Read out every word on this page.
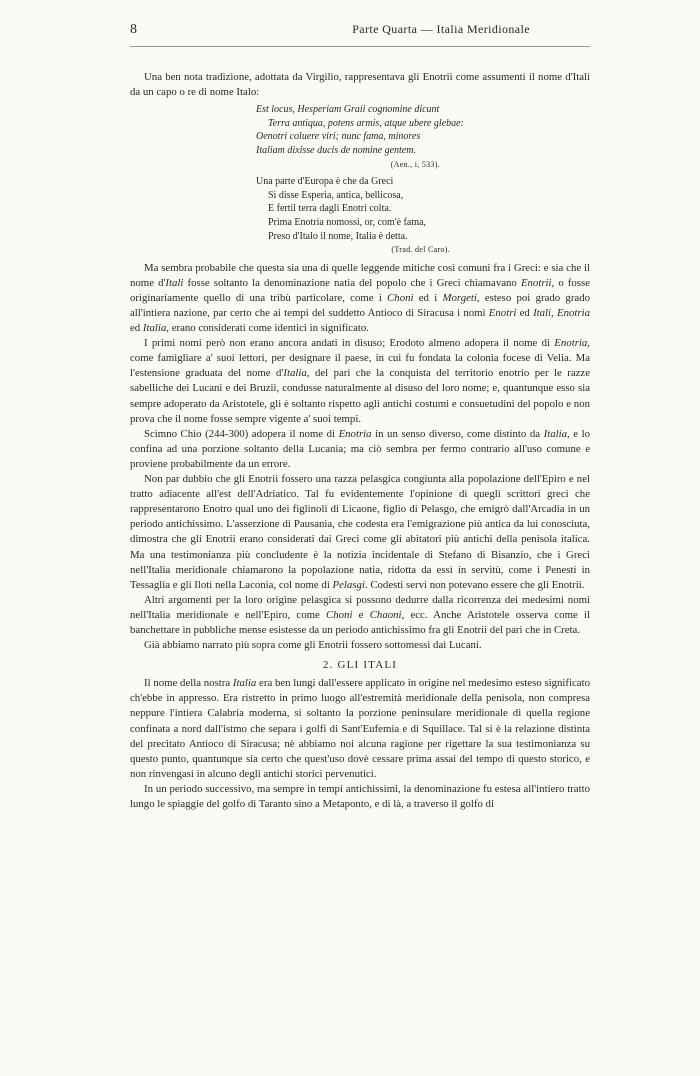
8	Parte Quarta — Italia Meridionale

Una ben nota tradizione, adottata da Virgilio, rappresentava gli Enotrii come assumenti il nome d'Itali da un capo o re di nome Italo:

Est locus, Hesperiam Graii cognomine dicunt
Terra antiqua, potens armis, atque ubere glebae:
Oenotri coluere viri; nunc fama, minores
Italiam dixisse ducis de nomine gentem.
(Aen., i, 533).
Una parte d'Europa è che da Greci
Si disse Esperia, antica, bellicosa,
E fertil terra dagli Enotri colta.
Prima Enotria nomossi, or, com'è fama,
Preso d'Italo il nome, Italia è detta.
(Trad. del Caro).

Ma sembra probabile che questa sia una di quelle leggende mitiche così comuni fra i Greci: e sia che il nome d'Itali fosse soltanto la denominazione natia del popolo che i Greci chiamavano Enotrii, o fosse originariamente quello di una tribù particolare, come i Choni ed i Morgeti, esteso poi grado grado all'intiera nazione, par certo che ai tempi del suddetto Antioco di Siracusa i nomi Enotri ed Itali, Enotria ed Italia, erano considerati come identici in significato.

I primi nomi però non erano ancora andati in disuso; Erodoto almeno adopera il nome di Enotria, come famigliare a' suoi lettori, per designare il paese, in cui fu fondata la colonia focese di Velia. Ma l'estensione graduata del nome d'Italia, del pari che la conquista del territorio enotrio per le razze sabelliche dei Lucani e dei Bruzii, condusse naturalmente al disuso del loro nome; e, quantunque esso sia sempre adoperato da Aristotele, gli è soltanto rispetto agli antichi costumi e consuetudini del popolo e non prova che il nome fosse sempre vigente a' suoi tempi.

Scimno Chio (244-300) adopera il nome di Enotria in un senso diverso, come distinto da Italia, e lo confina ad una porzione soltanto della Lucania; ma ciò sembra per fermo contrario all'uso comune e proviene probabilmente da un errore.

Non par dubbio che gli Enotrii fossero una razza pelasgica congiunta alla popolazione dell'Epiro e nel tratto adiacente all'est dell'Adriatico. Tal fu evidentemente l'opinione di quegli scrittori greci che rappresentarono Enotro qual uno dei figlinoli di Licaone, figlio di Pelasgo, che emigrò dall'Arcadia in un periodo antichissimo. L'asserzione di Pausania, che codesta era l'emigrazione più antica da lui conosciuta, dimostra che gli Enotrii erano considerati dai Greci come gli abitatori più antichi della penisola italica. Ma una testimonianza più concludente è la notizia incidentale di Stefano di Bisanzio, che i Greci nell'Italia meridionale chiamarono la popolazione natia, ridotta da essi in servitù, come i Penesti in Tessaglia e gli Iloti nella Laconia, col nome di Pelasgi. Codesti servi non potevano essere che gli Enotrii.

Altri argomenti per la loro origine pelasgica si possono dedurre dalla ricorrenza dei medesimi nomi nell'Italia meridionale e nell'Epiro, come Choni e Chaoni, ecc. Anche Aristotele osserva come il banchettare in pubbliche mense esistesse da un periodo antichissimo fra gli Enotrii del pari che in Creta.

Già abbiamo narrato più sopra come gli Enotrii fossero sottomessi dai Lucani.

2. GLI ITALI

Il nome della nostra Italia era ben lungi dall'essere applicato in origine nel medesimo esteso significato ch'ebbe in appresso. Era ristretto in primo luogo all'estremità meridionale della penisola, non compresa neppure l'intiera Calabria moderna, si soltanto la porzione peninsulare meridionale di quella regione confinata a nord dall'istmo che separa i golfi di Sant'Eufemia e di Squillace. Tal si è la relazione distinta del precitato Antioco di Siracusa; nè abbiamo noi alcuna ragione per rigettare la sua testimonianza su questo punto, quantunque sia certo che quest'uso dovè cessare prima assai del tempo di questo storico, e non rinvengasi in alcuno degli antichi storici pervenutici.

In un periodo successivo, ma sempre in tempi antichissimi, la denominazione fu estesa all'intiero tratto lungo le spiaggie del golfo di Taranto sino a Metaponto, e di là, a traverso il golfo di
